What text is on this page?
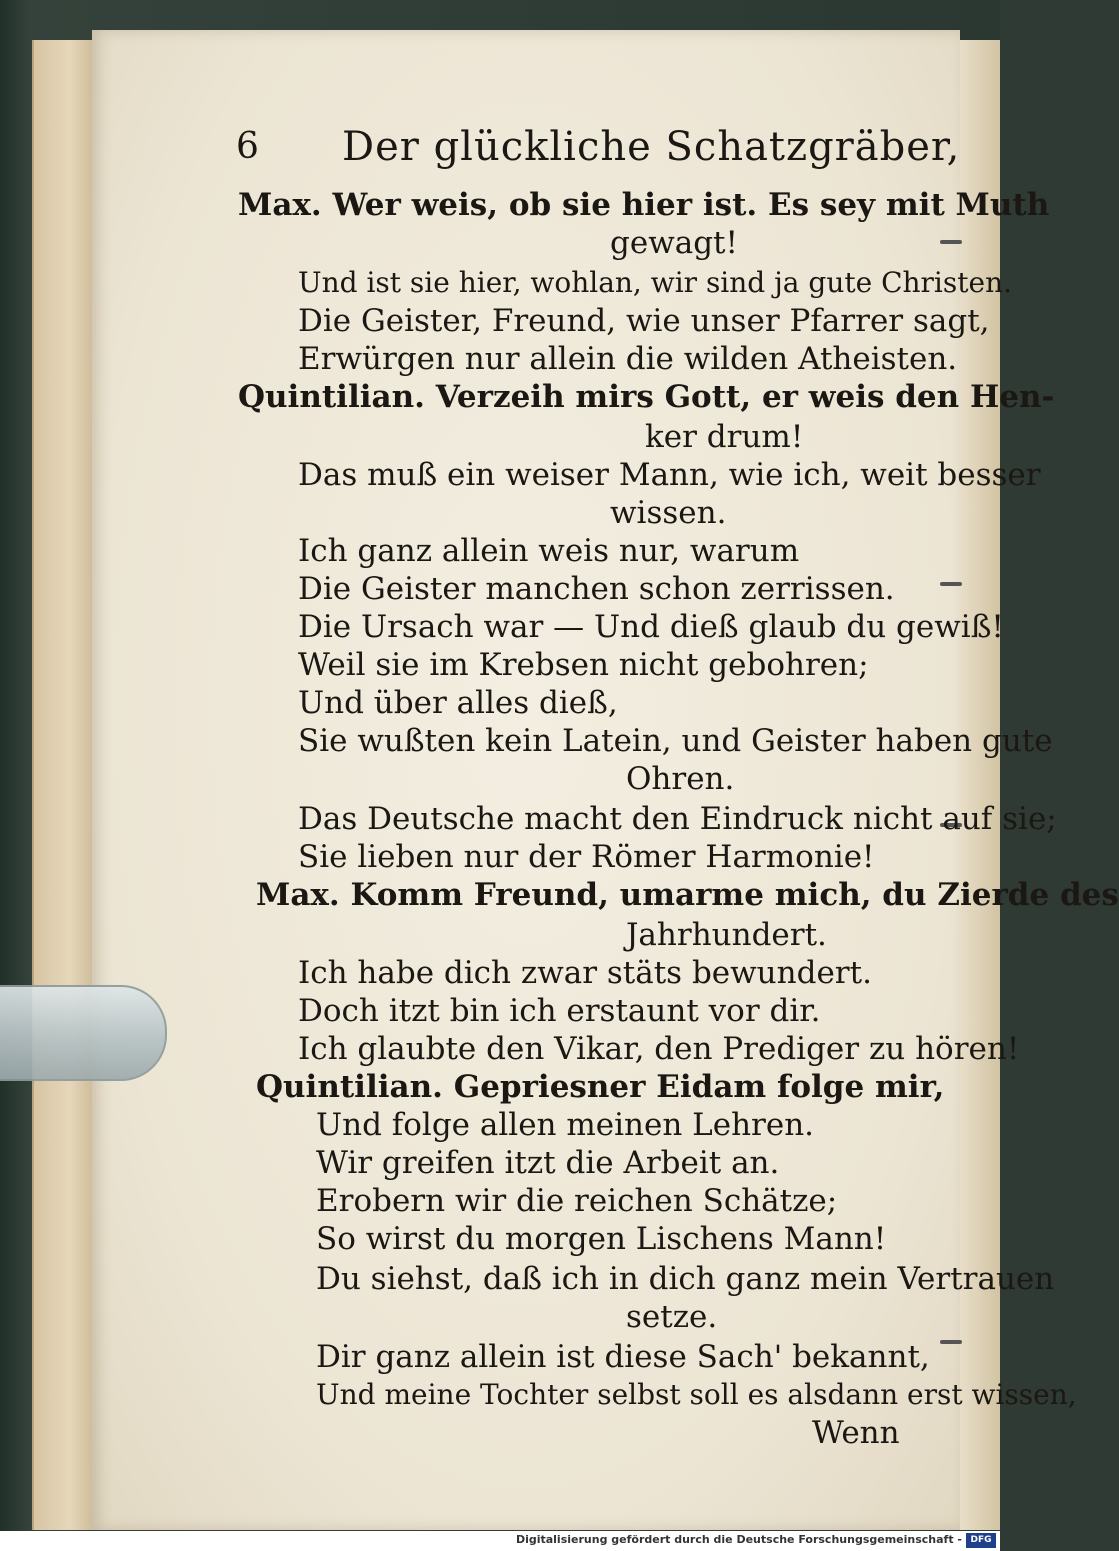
6 Der glückliche Schatzgräber,
Max. Wer weis, ob sie hier ist. Es sey mit Muth
gewagt!
Und ist sie hier, wohlan, wir sind ja gute Christen.
Die Geister, Freund, wie unser Pfarrer sagt,
Erwürgen nur allein die wilden Atheisten.
Quintilian. Verzeih mirs Gott, er weis den Hen-
ker drum!
Das muß ein weiser Mann, wie ich, weit besser
wissen.
Ich ganz allein weis nur, warum
Die Geister manchen schon zerrissen.
Die Ursach war — Und dieß glaub du gewiß!
Weil sie im Krebsen nicht gebohren;
Und über alles dieß,
Sie wußten kein Latein, und Geister haben gute
Ohren.
Das Deutsche macht den Eindruck nicht auf sie;
Sie lieben nur der Römer Harmonie!
Max. Komm Freund, umarme mich, du Zierde des
Jahrhundert.
Ich habe dich zwar stäts bewundert.
Doch itzt bin ich erstaunt vor dir.
Ich glaubte den Vikar, den Prediger zu hören!
Quintilian. Gepriesner Eidam folge mir,
Und folge allen meinen Lehren.
Wir greifen itzt die Arbeit an.
Erobern wir die reichen Schätze;
So wirst du morgen Lischens Mann!
Du siehst, daß ich in dich ganz mein Vertrauen
setze.
Dir ganz allein ist diese Sach' bekannt,
Und meine Tochter selbst soll es alsdann erst wissen,
Wenn
Digitalisierung gefördert durch die Deutsche Forschungsgemeinschaft - DFG
